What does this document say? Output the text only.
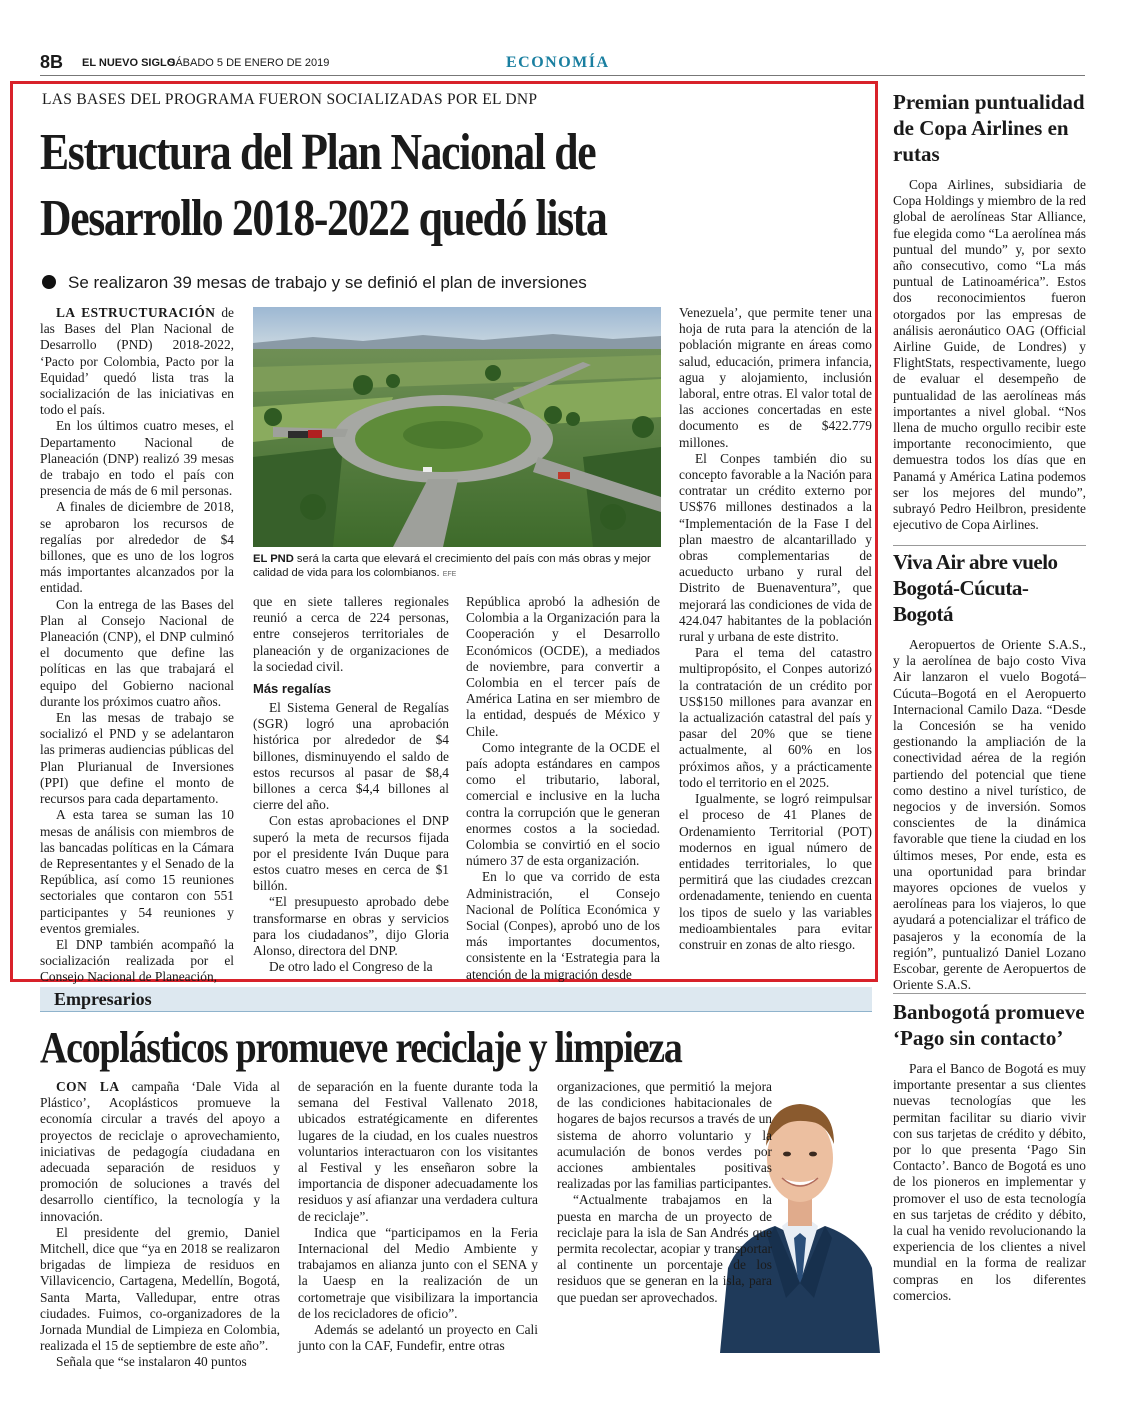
8B EL NUEVO SIGLO
SÁBADO 5 DE ENERO DE 2019	ECONOMÍA
LAS BASES DEL PROGRAMA FUERON SOCIALIZADAS POR EL DNP
Estructura del Plan Nacional de
Desarrollo 2018-2022 quedó lista
Se realizaron 39 mesas de trabajo y se definió el plan de inversiones

LA ESTRUCTURACIÓN de las Bases del Plan Nacional de Desarrollo (PND) 2018-2022, ‘Pacto por Colombia, Pacto por la Equidad’ quedó lista tras la socialización de las iniciativas en todo el país.

En los últimos cuatro meses, el Departamento Nacional de Planeación (DNP) realizó 39 mesas de trabajo en todo el país con presencia de más de 6 mil personas.

A finales de diciembre de 2018, se aprobaron los recursos de regalías por alrededor de $4 billones, que es uno de los logros más importantes alcanzados por la entidad.

Con la entrega de las Bases del Plan al Consejo Nacional de Planeación (CNP), el DNP culminó el documento que define las políticas en las que trabajará el equipo del Gobierno nacional durante los próximos cuatro años.

En las mesas de trabajo se socializó el PND y se adelantaron las primeras audiencias públicas del Plan Plurianual de Inversiones (PPI) que define el monto de recursos para cada departamento.

A esta tarea se suman las 10 mesas de análisis con miembros de las bancadas políticas en la Cámara de Representantes y el Senado de la República, así como 15 reuniones sectoriales que contaron con 551 participantes y 54 reuniones y eventos gremiales.

El DNP también acompañó la socialización realizada por el Consejo Nacional de Planeación,

EL PND será la carta que elevará el crecimiento del país con más obras y mejor calidad de vida para los colombianos. EFE

que en siete talleres regionales reunió a cerca de 224 personas, entre consejeros territoriales de planeación y de organizaciones de la sociedad civil.

Más regalías

El Sistema General de Regalías (SGR) logró una aprobación histórica por alrededor de $4 billones, disminuyendo el saldo de estos recursos al pasar de $8,4 billones a cerca $4,4 billones al cierre del año.

Con estas aprobaciones el DNP superó la meta de recursos fijada por el presidente Iván Duque para estos cuatro meses en cerca de $1 billón.

“El presupuesto aprobado debe transformarse en obras y servicios para los ciudadanos”, dijo Gloria Alonso, directora del DNP.

De otro lado el Congreso de la

República aprobó la adhesión de Colombia a la Organización para la Cooperación y el Desarrollo Económicos (OCDE), a mediados de noviembre, para convertir a Colombia en el tercer país de América Latina en ser miembro de la entidad, después de México y Chile.

Como integrante de la OCDE el país adopta estándares en campos como el tributario, laboral, comercial e inclusive en la lucha contra la corrupción que le generan enormes costos a la sociedad. Colombia se convirtió en el socio número 37 de esta organización.

En lo que va corrido de esta Administración, el Consejo Nacional de Política Económica y Social (Conpes), aprobó uno de los más importantes documentos, consistente en la ‘Estrategia para la atención de la migración desde

Venezuela’, que permite tener una hoja de ruta para la atención de la población migrante en áreas como salud, educación, primera infancia, agua y alojamiento, inclusión laboral, entre otras. El valor total de las acciones concertadas en este documento es de $422.779 millones.

El Conpes también dio su concepto favorable a la Nación para contratar un crédito externo por US$76 millones destinados a la “Implementación de la Fase I del plan maestro de alcantarillado y obras complementarias de acueducto urbano y rural del Distrito de Buenaventura”, que mejorará las condiciones de vida de 424.047 habitantes de la población rural y urbana de este distrito.

Para el tema del catastro multipropósito, el Conpes autorizó la contratación de un crédito por US$150 millones para avanzar en la actualización catastral del país y pasar del 20% que se tiene actualmente, al 60% en los próximos años, y a prácticamente todo el territorio en el 2025.

Igualmente, se logró reimpulsar el proceso de 41 Planes de Ordenamiento Territorial (POT) modernos en igual número de entidades territoriales, lo que permitirá que las ciudades crezcan ordenadamente, teniendo en cuenta los tipos de suelo y las variables medioambientales para evitar construir en zonas de alto riesgo.

Premian puntualidad de Copa Airlines en rutas

Copa Airlines, subsidiaria de Copa Holdings y miembro de la red global de aerolíneas Star Alliance, fue elegida como “La aerolínea más puntual del mundo” y, por sexto año consecutivo, como “La más puntual de Latinoamérica”. Estos dos reconocimientos fueron otorgados por las empresas de análisis aeronáutico OAG (Official Airline Guide, de Londres) y FlightStats, respectivamente, luego de evaluar el desempeño de puntualidad de las aerolíneas más importantes a nivel global. “Nos llena de mucho orgullo recibir este importante reconocimiento, que demuestra todos los días que en Panamá y América Latina podemos ser los mejores del mundo”, subrayó Pedro Heilbron, presidente ejecutivo de Copa Airlines.

Viva Air abre vuelo Bogotá-Cúcuta-Bogotá

Aeropuertos de Oriente S.A.S., y la aerolínea de bajo costo Viva Air lanzaron el vuelo Bogotá–Cúcuta–Bogotá en el Aeropuerto Internacional Camilo Daza. “Desde la Concesión se ha venido gestionando la ampliación de la conectividad aérea de la región partiendo del potencial que tiene como destino a nivel turístico, de negocios y de inversión. Somos conscientes de la dinámica favorable que tiene la ciudad en los últimos meses, Por ende, esta es una oportunidad para brindar mayores opciones de vuelos y aerolíneas para los viajeros, lo que ayudará a potencializar el tráfico de pasajeros y la economía de la región”, puntualizó Daniel Lozano Escobar, gerente de Aeropuertos de Oriente S.A.S.

Banbogotá promueve ‘Pago sin contacto’

Para el Banco de Bogotá es muy importante presentar a sus clientes nuevas tecnologías que les permitan facilitar su diario vivir con sus tarjetas de crédito y débito, por lo que presenta ‘Pago Sin Contacto’. Banco de Bogotá es uno de los pioneros en implementar y promover el uso de esta tecnología en sus tarjetas de crédito y débito, la cual ha venido revolucionando la experiencia de los clientes a nivel mundial en la forma de realizar compras en los diferentes comercios.

Empresarios
Acoplásticos promueve reciclaje y limpieza

CON LA campaña ‘Dale Vida al Plástico’, Acoplásticos promueve la economía circular a través del apoyo a proyectos de reciclaje o aprovechamiento, iniciativas de pedagogía ciudadana en adecuada separación de residuos y promoción de soluciones a través del desarrollo científico, la tecnología y la innovación.

El presidente del gremio, Daniel Mitchell, dice que “ya en 2018 se realizaron brigadas de limpieza de residuos en Villavicencio, Cartagena, Medellín, Bogotá, Santa Marta, Valledupar, entre otras ciudades. Fuimos, co-organizadores de la Jornada Mundial de Limpieza en Colombia, realizada el 15 de septiembre de este año”.

Señala que “se instalaron 40 puntos

de separación en la fuente durante toda la semana del Festival Vallenato 2018, ubicados estratégicamente en diferentes lugares de la ciudad, en los cuales nuestros voluntarios interactuaron con los visitantes al Festival y les enseñaron sobre la importancia de disponer adecuadamente los residuos y así afianzar una verdadera cultura de reciclaje”.

Indica que “participamos en la Feria Internacional del Medio Ambiente y trabajamos en alianza junto con el SENA y la Uaesp en la realización de un cortometraje que visibilizara la importancia de los recicladores de oficio”.

Además se adelantó un proyecto en Cali junto con la CAF, Fundefir, entre otras

organizaciones, que permitió la mejora de las condiciones habitacionales de hogares de bajos recursos a través de un sistema de ahorro voluntario y la acumulación de bonos verdes por acciones ambientales positivas realizadas por las familias participantes.

“Actualmente trabajamos en la puesta en marcha de un proyecto de reciclaje para la isla de San Andrés que permita recolectar, acopiar y transportar al continente un porcentaje de los residuos que se generan en la isla, para que puedan ser aprovechados.
